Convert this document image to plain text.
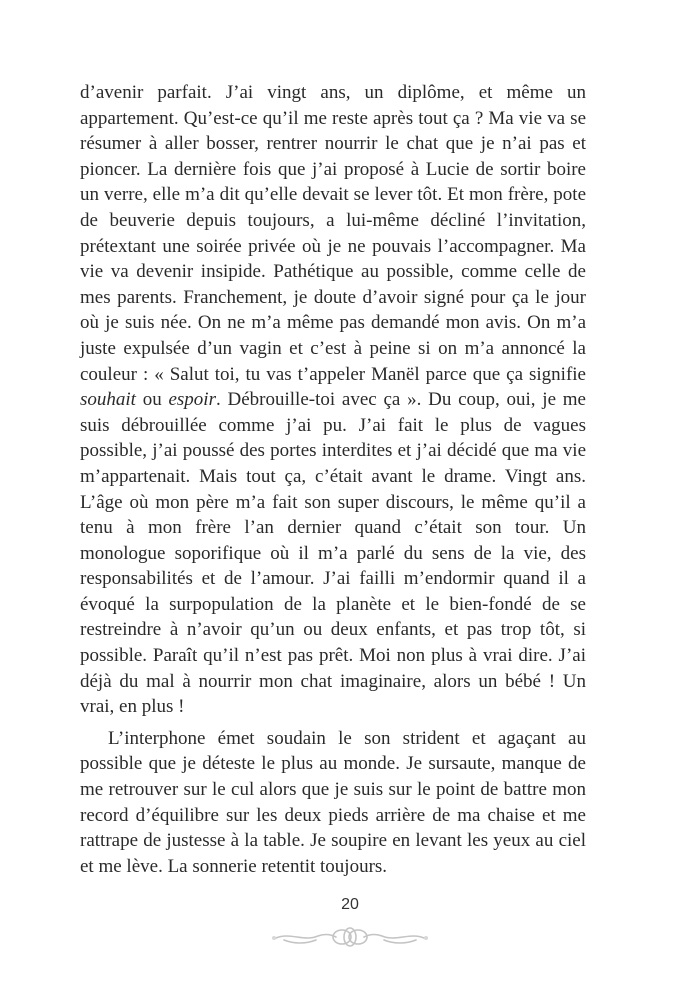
d’avenir parfait. J’ai vingt ans, un diplôme, et même un appartement. Qu’est-ce qu’il me reste après tout ça ? Ma vie va se résumer à aller bosser, rentrer nourrir le chat que je n’ai pas et pioncer. La dernière fois que j’ai proposé à Lucie de sortir boire un verre, elle m’a dit qu’elle devait se lever tôt. Et mon frère, pote de beuverie depuis toujours, a lui-même décliné l’invitation, prétextant une soirée privée où je ne pouvais l’accompagner. Ma vie va devenir insipide. Pathétique au possible, comme celle de mes parents. Franchement, je doute d’avoir signé pour ça le jour où je suis née. On ne m’a même pas demandé mon avis. On m’a juste expulsée d’un vagin et c’est à peine si on m’a annoncé la couleur : « Salut toi, tu vas t’appeler Manël parce que ça signifie souhait ou espoir. Débrouille-toi avec ça ». Du coup, oui, je me suis débrouillée comme j’ai pu. J’ai fait le plus de vagues possible, j’ai poussé des portes interdites et j’ai décidé que ma vie m’appartenait. Mais tout ça, c’était avant le drame. Vingt ans. L’âge où mon père m’a fait son super discours, le même qu’il a tenu à mon frère l’an dernier quand c’était son tour. Un monologue soporifique où il m’a parlé du sens de la vie, des responsabilités et de l’amour. J’ai failli m’endormir quand il a évoqué la surpopulation de la planète et le bien-fondé de se restreindre à n’avoir qu’un ou deux enfants, et pas trop tôt, si possible. Paraît qu’il n’est pas prêt. Moi non plus à vrai dire. J’ai déjà du mal à nourrir mon chat imaginaire, alors un bébé ! Un vrai, en plus !

L’interphone émet soudain le son strident et agaçant au possible que je déteste le plus au monde. Je sursaute, manque de me retrouver sur le cul alors que je suis sur le point de battre mon record d’équilibre sur les deux pieds arrière de ma chaise et me rattrape de justesse à la table. Je soupire en levant les yeux au ciel et me lève. La sonnerie retentit toujours.

20
